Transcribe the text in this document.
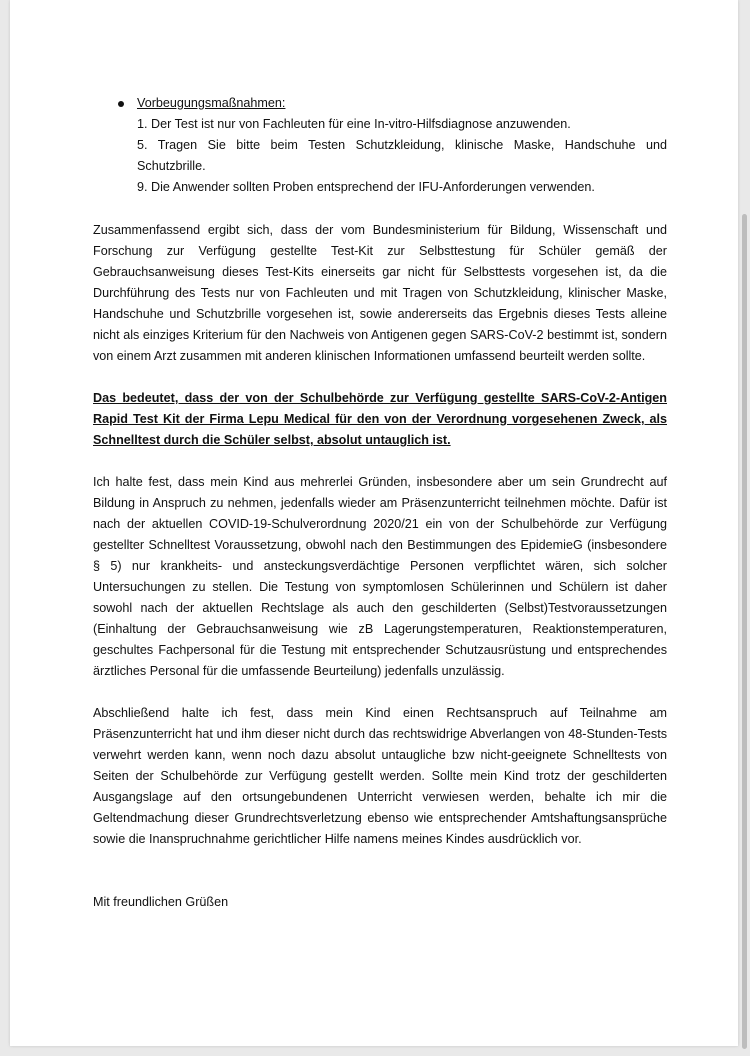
Vorbeugungsmaßnahmen:
1. Der Test ist nur von Fachleuten für eine In-vitro-Hilfsdiagnose anzuwenden.
5. Tragen Sie bitte beim Testen Schutzkleidung, klinische Maske, Handschuhe und Schutzbrille.
9. Die Anwender sollten Proben entsprechend der IFU-Anforderungen verwenden.

Zusammenfassend ergibt sich, dass der vom Bundesministerium für Bildung, Wissenschaft und Forschung zur Verfügung gestellte Test-Kit zur Selbsttestung für Schüler gemäß der Gebrauchsanweisung dieses Test-Kits einerseits gar nicht für Selbsttests vorgesehen ist, da die Durchführung des Tests nur von Fachleuten und mit Tragen von Schutzkleidung, klinischer Maske, Handschuhe und Schutzbrille vorgesehen ist, sowie andererseits das Ergebnis dieses Tests alleine nicht als einziges Kriterium für den Nachweis von Antigenen gegen SARS-CoV-2 bestimmt ist, sondern von einem Arzt zusammen mit anderen klinischen Informationen umfassend beurteilt werden sollte.

Das bedeutet, dass der von der Schulbehörde zur Verfügung gestellte SARS-CoV-2-Antigen Rapid Test Kit der Firma Lepu Medical für den von der Verordnung vorgesehenen Zweck, als Schnelltest durch die Schüler selbst, absolut untauglich ist.

Ich halte fest, dass mein Kind aus mehrerlei Gründen, insbesondere aber um sein Grundrecht auf Bildung in Anspruch zu nehmen, jedenfalls wieder am Präsenzunterricht teilnehmen möchte. Dafür ist nach der aktuellen COVID-19-Schulverordnung 2020/21 ein von der Schulbehörde zur Verfügung gestellter Schnelltest Voraussetzung, obwohl nach den Bestimmungen des EpidemieG (insbesondere § 5) nur krankheits- und ansteckungsverdächtige Personen verpflichtet wären, sich solcher Untersuchungen zu stellen. Die Testung von symptomlosen Schülerinnen und Schülern ist daher sowohl nach der aktuellen Rechtslage als auch den geschilderten (Selbst)Testvoraussetzungen (Einhaltung der Gebrauchsanweisung wie zB Lagerungstemperaturen, Reaktionstemperaturen, geschultes Fachpersonal für die Testung mit entsprechender Schutzausrüstung und entsprechendes ärztliches Personal für die umfassende Beurteilung) jedenfalls unzulässig.

Abschließend halte ich fest, dass mein Kind einen Rechtsanspruch auf Teilnahme am Präsenzunterricht hat und ihm dieser nicht durch das rechtswidrige Abverlangen von 48-Stunden-Tests verwehrt werden kann, wenn noch dazu absolut untaugliche bzw nicht-geeignete Schnelltests von Seiten der Schulbehörde zur Verfügung gestellt werden. Sollte mein Kind trotz der geschilderten Ausgangslage auf den ortsungebundenen Unterricht verwiesen werden, behalte ich mir die Geltendmachung dieser Grundrechtsverletzung ebenso wie entsprechender Amtshaftungsansprüche sowie die Inanspruchnahme gerichtlicher Hilfe namens meines Kindes ausdrücklich vor.

Mit freundlichen Grüßen
